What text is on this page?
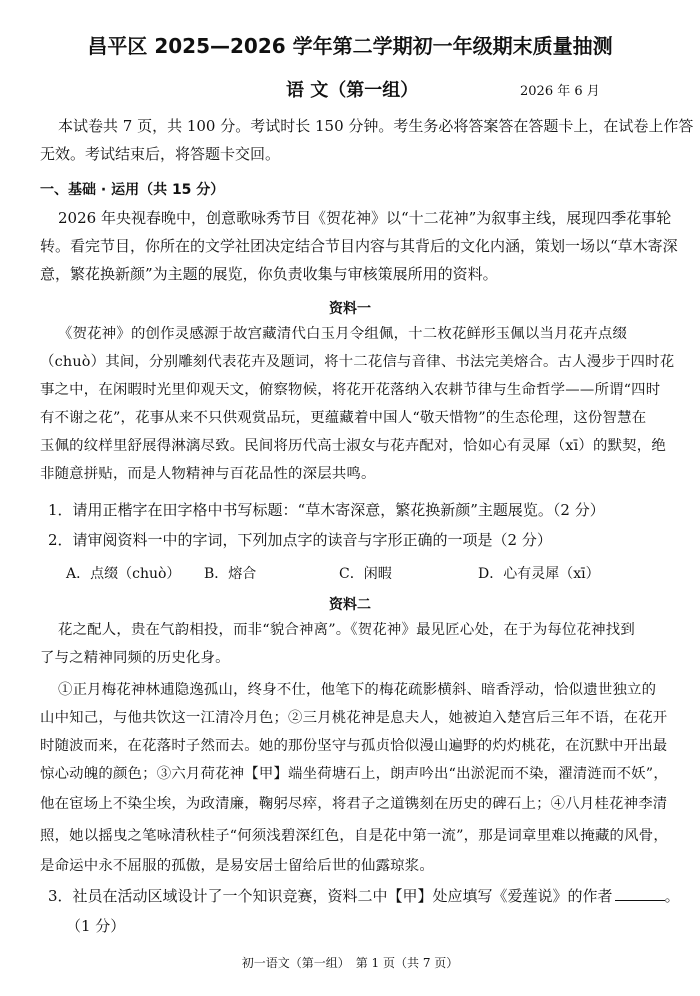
昌平区 2025—2026 学年第二学期初一年级期末质量抽测
语 文（第一组）	2026 年 6 月
本试卷共 7 页，共 100 分。考试时长 150 分钟。考生务必将答案答在答题卡上，在试卷上作答
无效。考试结束后，将答题卡交回。
一、基础 · 运用（共 15 分）
2026 年央视春晚中，创意歌咏秀节目《贺花神》以“十二花神”为叙事主线，展现四季花事轮
转。看完节目，你所在的文学社团决定结合节目内容与其背后的文化内涵，策划一场以“草木寄深
意，繁花换新颜”为主题的展览，你负责收集与审核策展所用的资料。
资料一
《贺花神》的创作灵感源于故宫藏清代白玉月令组佩，十二枚花鲜形玉佩以当月花卉点缀
（chuò）其间，分别雕刻代表花卉及题词，将十二花信与音律、书法完美熔合。古人漫步于四时花
事之中，在闲暇时光里仰观天文，俯察物候，将花开花落纳入农耕节律与生命哲学——所谓“四时
有不谢之花”，花事从来不只供观赏品玩，更蕴藏着中国人“敬天惜物”的生态伦理，这份智慧在
玉佩的纹样里舒展得淋漓尽致。民间将历代高士淑女与花卉配对，恰如心有灵犀（xī）的默契，绝
非随意拼贴，而是人物精神与百花品性的深层共鸣。
1．请用正楷字在田字格中书写标题：“草木寄深意，繁花换新颜”主题展览。（2 分）
2．请审阅资料一中的字词，下列加点字的读音与字形正确的一项是（2 分）
A．点缀（chuò） B．熔合	C．闲暇	D．心有灵犀（xī）
资料二
花之配人，贵在气韵相投，而非“貌合神离”。《贺花神》最见匠心处，在于为每位花神找到
了与之精神同频的历史化身。
①正月梅花神林逋隐逸孤山，终身不仕，他笔下的梅花疏影横斜、暗香浮动，恰似遗世独立的
山中知己，与他共饮这一江清冷月色；②三月桃花神是息夫人，她被迫入楚宫后三年不语，在花开
时随波而来，在花落时子然而去。她的那份坚守与孤贞恰似漫山遍野的灼灼桃花，在沉默中开出最
惊心动魄的颜色；③六月荷花神【甲】端坐荷塘石上，朗声吟出“出淤泥而不染，濯清涟而不妖”，
他在宦场上不染尘埃，为政清廉，鞠躬尽瘁，将君子之道镌刻在历史的碑石上；④八月桂花神李清
照，她以摇曳之笔咏清秋桂子“何须浅碧深红色，自是花中第一流”，那是词章里难以掩藏的风骨，
是命运中永不屈服的孤傲，是易安居士留给后世的仙露琼浆。
3．社员在活动区域设计了一个知识竞赛，资料二中【甲】处应填写《爱莲说》的作者	。
（1 分）
初一语文（第一组）　第 1 页（共 7 页）
